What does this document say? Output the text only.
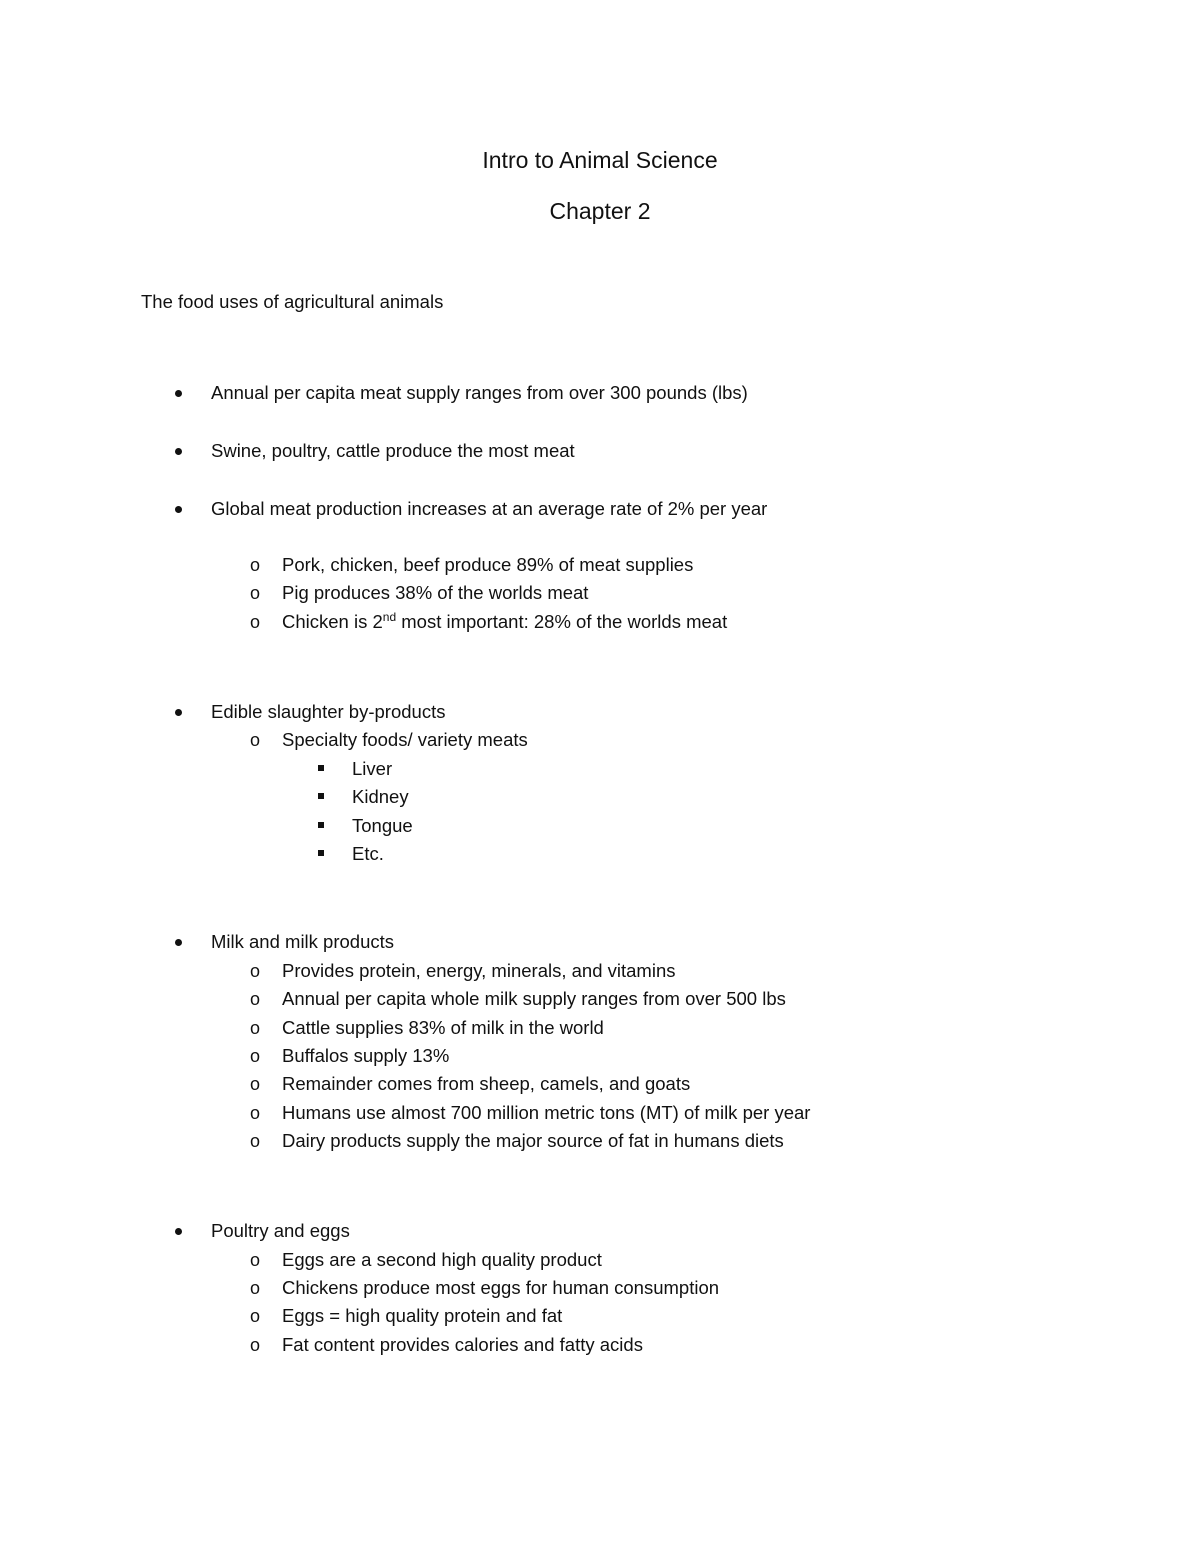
Intro to Animal Science
Chapter 2
The food uses of agricultural animals
Annual per capita meat supply ranges from over 300 pounds (lbs)
Swine, poultry, cattle produce the most meat
Global meat production increases at an average rate of 2% per year
o Pork, chicken, beef produce 89% of meat supplies
o Pig produces 38% of the worlds meat
o Chicken is 2nd most important: 28% of the worlds meat
Edible slaughter by-products
o Specialty foods/ variety meats
Liver
Kidney
Tongue
Etc.
Milk and milk products
o Provides protein, energy, minerals, and vitamins
o Annual per capita whole milk supply ranges from over 500 lbs
o Cattle supplies 83% of milk in the world
o Buffalos supply 13%
o Remainder comes from sheep, camels, and goats
o Humans use almost 700 million metric tons (MT) of milk per year
o Dairy products supply the major source of fat in humans diets
Poultry and eggs
o Eggs are a second high quality product
o Chickens produce most eggs for human consumption
o Eggs = high quality protein and fat
o Fat content provides calories and fatty acids
